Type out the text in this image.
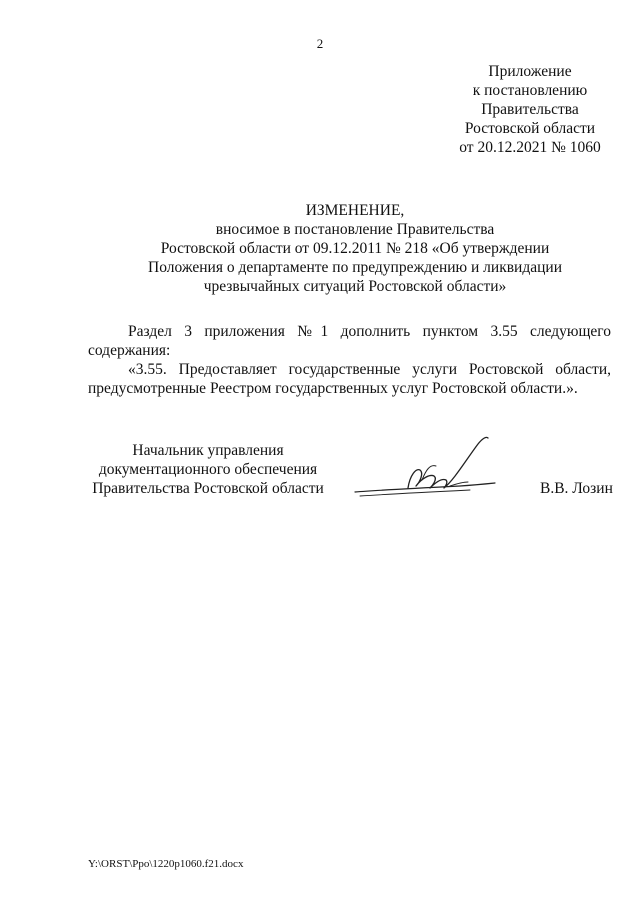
2
Приложение
к постановлению
Правительства
Ростовской области
от 20.12.2021 № 1060
ИЗМЕНЕНИЕ,
вносимое в постановление Правительства
Ростовской области от 09.12.2011 № 218 «Об утверждении
Положения о департаменте по предупреждению и ликвидации
чрезвычайных ситуаций Ростовской области»
Раздел 3 приложения №1 дополнить пунктом 3.55 следующего
содержания:
«3.55. Предоставляет государственные услуги Ростовской области,
предусмотренные Реестром государственных услуг Ростовской области.».
Начальник управления
документационного обеспечения
Правительства Ростовской области	В.В. Лозин
Y:\ORST\Ppo\1220p1060.f21.docx
